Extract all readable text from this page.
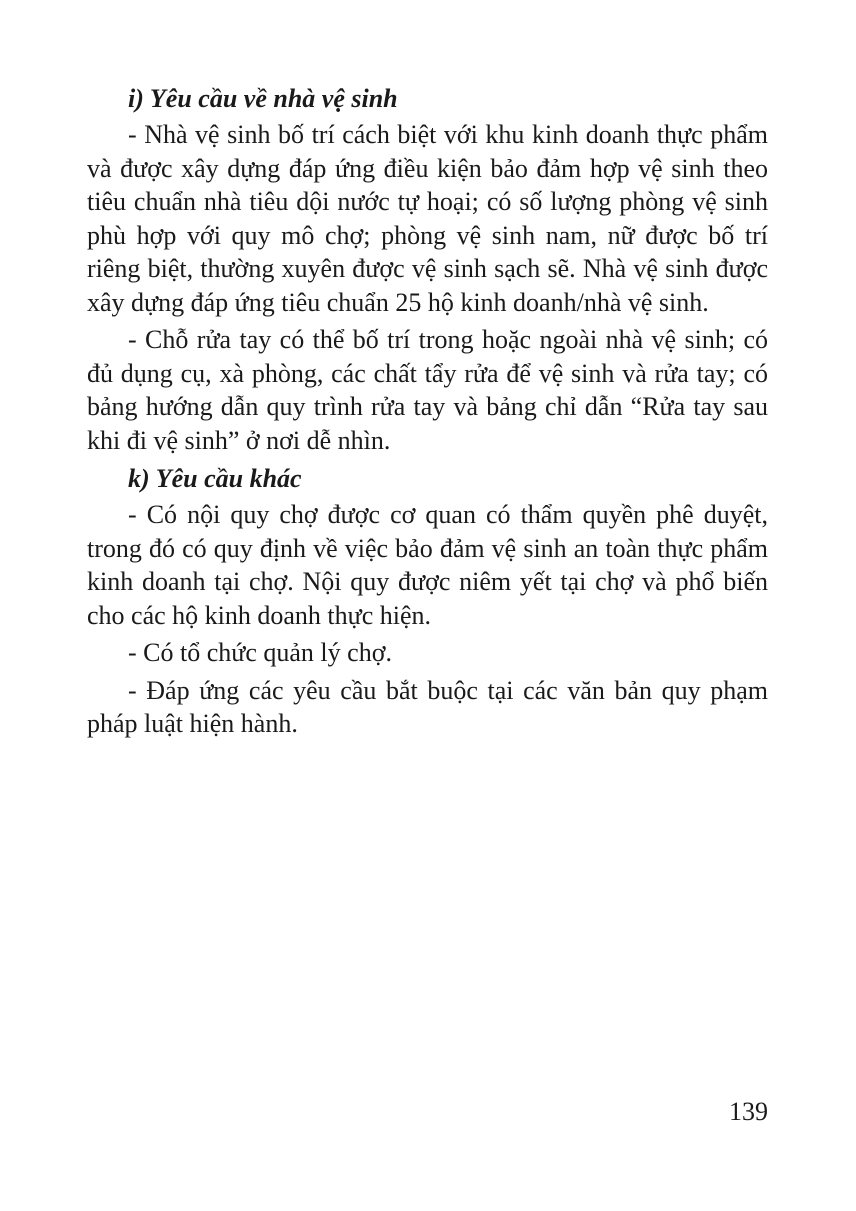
i) Yêu cầu về nhà vệ sinh

- Nhà vệ sinh bố trí cách biệt với khu kinh doanh thực phẩm và được xây dựng đáp ứng điều kiện bảo đảm hợp vệ sinh theo tiêu chuẩn nhà tiêu dội nước tự hoại; có số lượng phòng vệ sinh phù hợp với quy mô chợ; phòng vệ sinh nam, nữ được bố trí riêng biệt, thường xuyên được vệ sinh sạch sẽ. Nhà vệ sinh được xây dựng đáp ứng tiêu chuẩn 25 hộ kinh doanh/nhà vệ sinh.

- Chỗ rửa tay có thể bố trí trong hoặc ngoài nhà vệ sinh; có đủ dụng cụ, xà phòng, các chất tẩy rửa để vệ sinh và rửa tay; có bảng hướng dẫn quy trình rửa tay và bảng chỉ dẫn “Rửa tay sau khi đi vệ sinh” ở nơi dễ nhìn.

k) Yêu cầu khác

- Có nội quy chợ được cơ quan có thẩm quyền phê duyệt, trong đó có quy định về việc bảo đảm vệ sinh an toàn thực phẩm kinh doanh tại chợ. Nội quy được niêm yết tại chợ và phổ biến cho các hộ kinh doanh thực hiện.

- Có tổ chức quản lý chợ.

- Đáp ứng các yêu cầu bắt buộc tại các văn bản quy phạm pháp luật hiện hành.

139
